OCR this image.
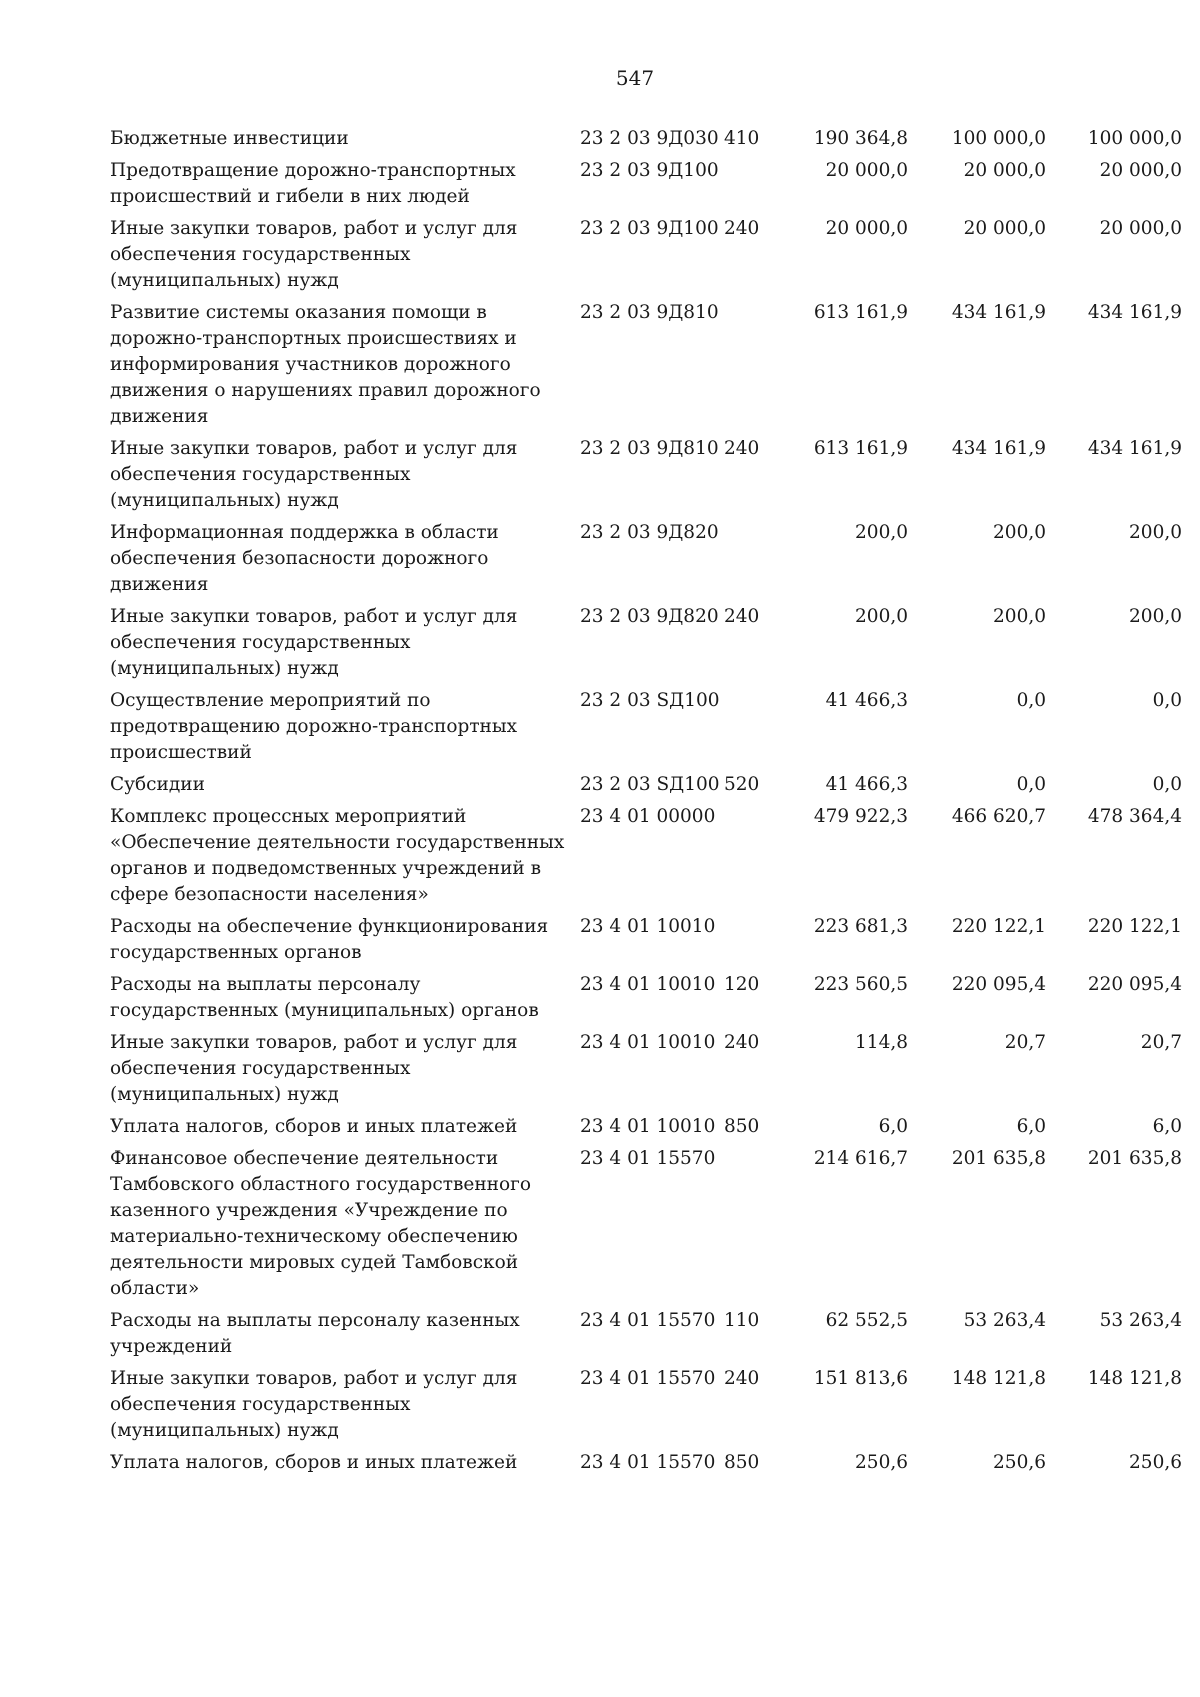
547
Бюджетные инвестиции	23 2 03 9Д030	410	190 364,8	100 000,0	100 000,0
Предотвращение дорожно-транспортных происшествий и гибели в них людей	23 2 03 9Д100		20 000,0	20 000,0	20 000,0
Иные закупки товаров, работ и услуг для обеспечения государственных (муниципальных) нужд	23 2 03 9Д100	240	20 000,0	20 000,0	20 000,0
Развитие системы оказания помощи в дорожно-транспортных происшествиях и информирования участников дорожного движения о нарушениях правил дорожного движения	23 2 03 9Д810		613 161,9	434 161,9	434 161,9
Иные закупки товаров, работ и услуг для обеспечения государственных (муниципальных) нужд	23 2 03 9Д810	240	613 161,9	434 161,9	434 161,9
Информационная поддержка в области обеспечения безопасности дорожного движения	23 2 03 9Д820		200,0	200,0	200,0
Иные закупки товаров, работ и услуг для обеспечения государственных (муниципальных) нужд	23 2 03 9Д820	240	200,0	200,0	200,0
Осуществление мероприятий по предотвращению дорожно-транспортных происшествий	23 2 03 SД100		41 466,3	0,0	0,0
Субсидии	23 2 03 SД100	520	41 466,3	0,0	0,0
Комплекс процессных мероприятий «Обеспечение деятельности государственных органов и подведомственных учреждений в сфере безопасности населения»	23 4 01 00000		479 922,3	466 620,7	478 364,4
Расходы на обеспечение функционирования государственных органов	23 4 01 10010		223 681,3	220 122,1	220 122,1
Расходы на выплаты персоналу государственных (муниципальных) органов	23 4 01 10010	120	223 560,5	220 095,4	220 095,4
Иные закупки товаров, работ и услуг для обеспечения государственных (муниципальных) нужд	23 4 01 10010	240	114,8	20,7	20,7
Уплата налогов, сборов и иных платежей	23 4 01 10010	850	6,0	6,0	6,0
Финансовое обеспечение деятельности Тамбовского областного государственного казенного учреждения «Учреждение по материально-техническому обеспечению деятельности мировых судей Тамбовской области»	23 4 01 15570		214 616,7	201 635,8	201 635,8
Расходы на выплаты персоналу казенных учреждений	23 4 01 15570	110	62 552,5	53 263,4	53 263,4
Иные закупки товаров, работ и услуг для обеспечения государственных (муниципальных) нужд	23 4 01 15570	240	151 813,6	148 121,8	148 121,8
Уплата налогов, сборов и иных платежей	23 4 01 15570	850	250,6	250,6	250,6
